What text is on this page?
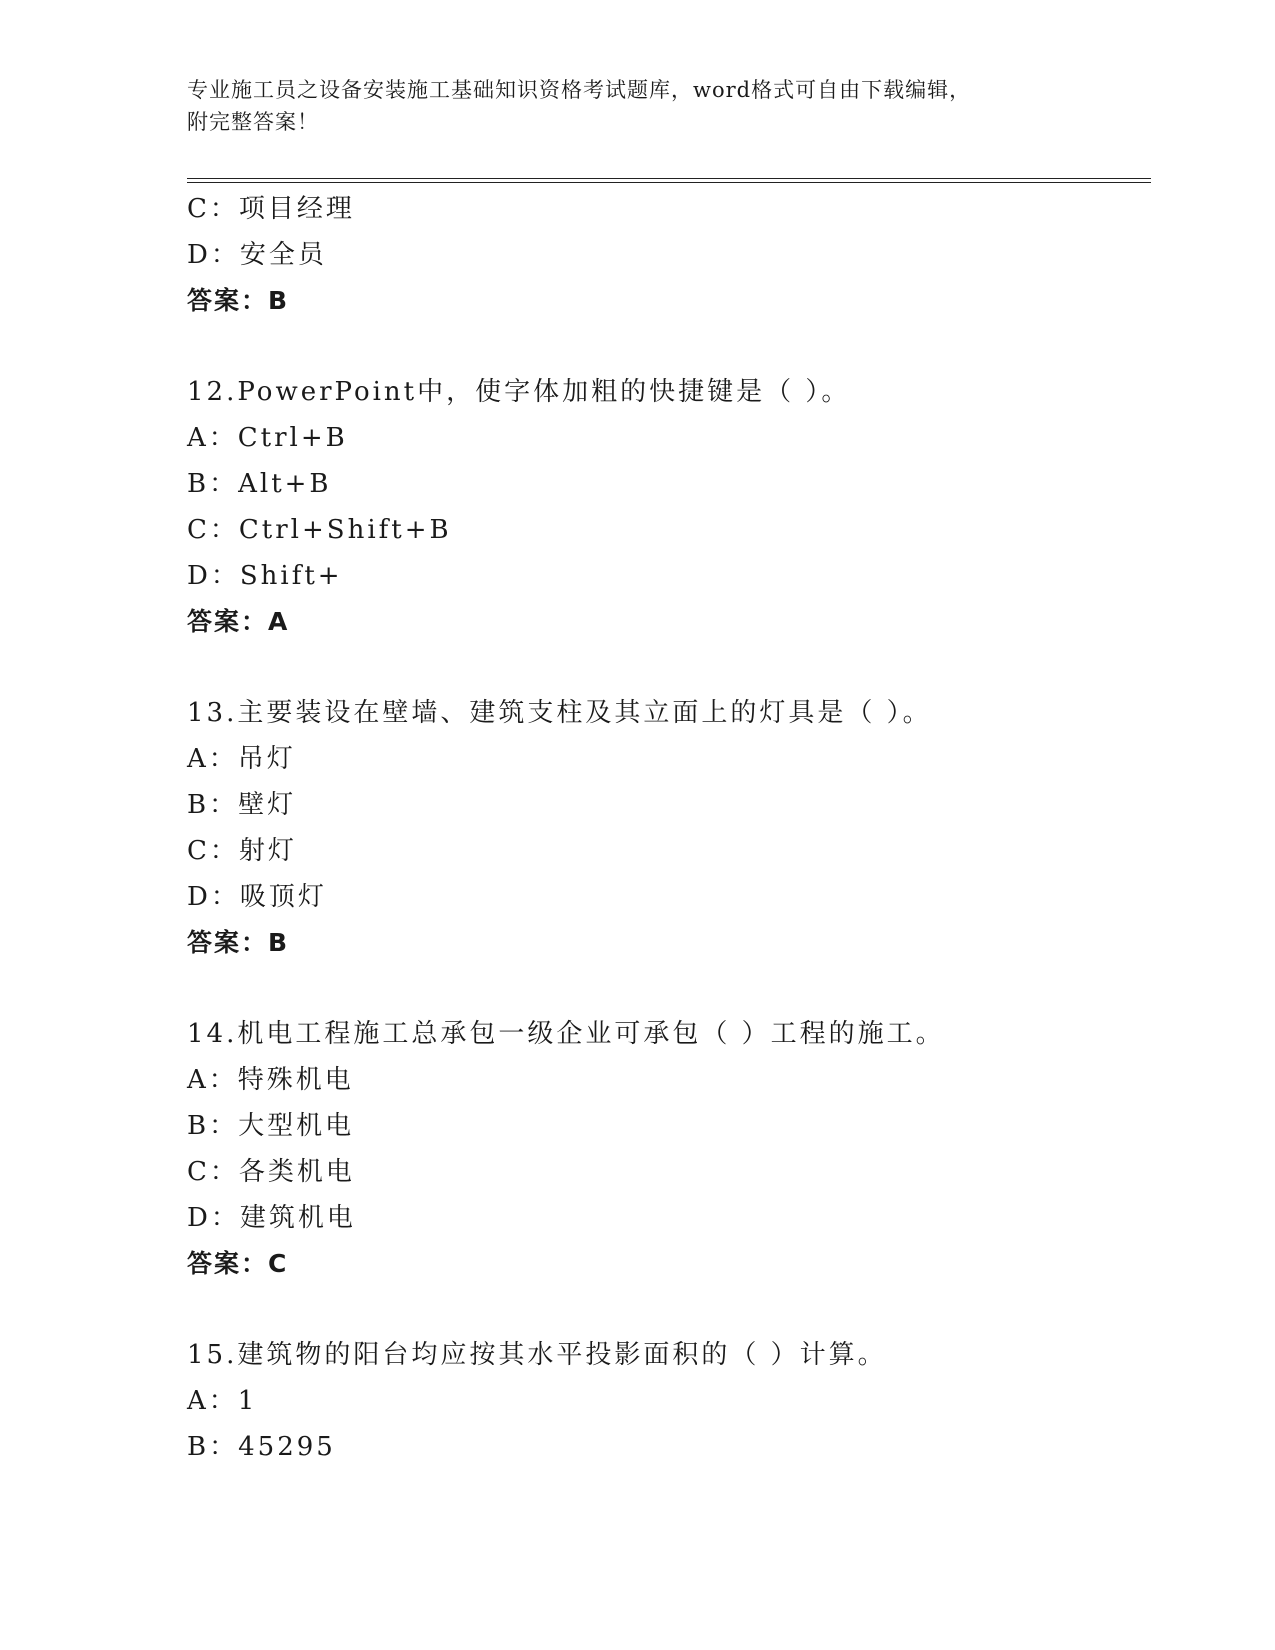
专业施工员之设备安装施工基础知识资格考试题库，word格式可自由下载编辑，
附完整答案！
C：项目经理
D：安全员
答案：B
12.PowerPoint中，使字体加粗的快捷键是（ ）。
A：Ctrl+B
B：Alt+B
C：Ctrl+Shift+B
D：Shift+
答案：A
13.主要装设在壁墙、建筑支柱及其立面上的灯具是（ ）。
A：吊灯
B：壁灯
C：射灯
D：吸顶灯
答案：B
14.机电工程施工总承包一级企业可承包（ ）工程的施工。
A：特殊机电
B：大型机电
C：各类机电
D：建筑机电
答案：C
15.建筑物的阳台均应按其水平投影面积的（ ）计算。
A：1
B：45295
